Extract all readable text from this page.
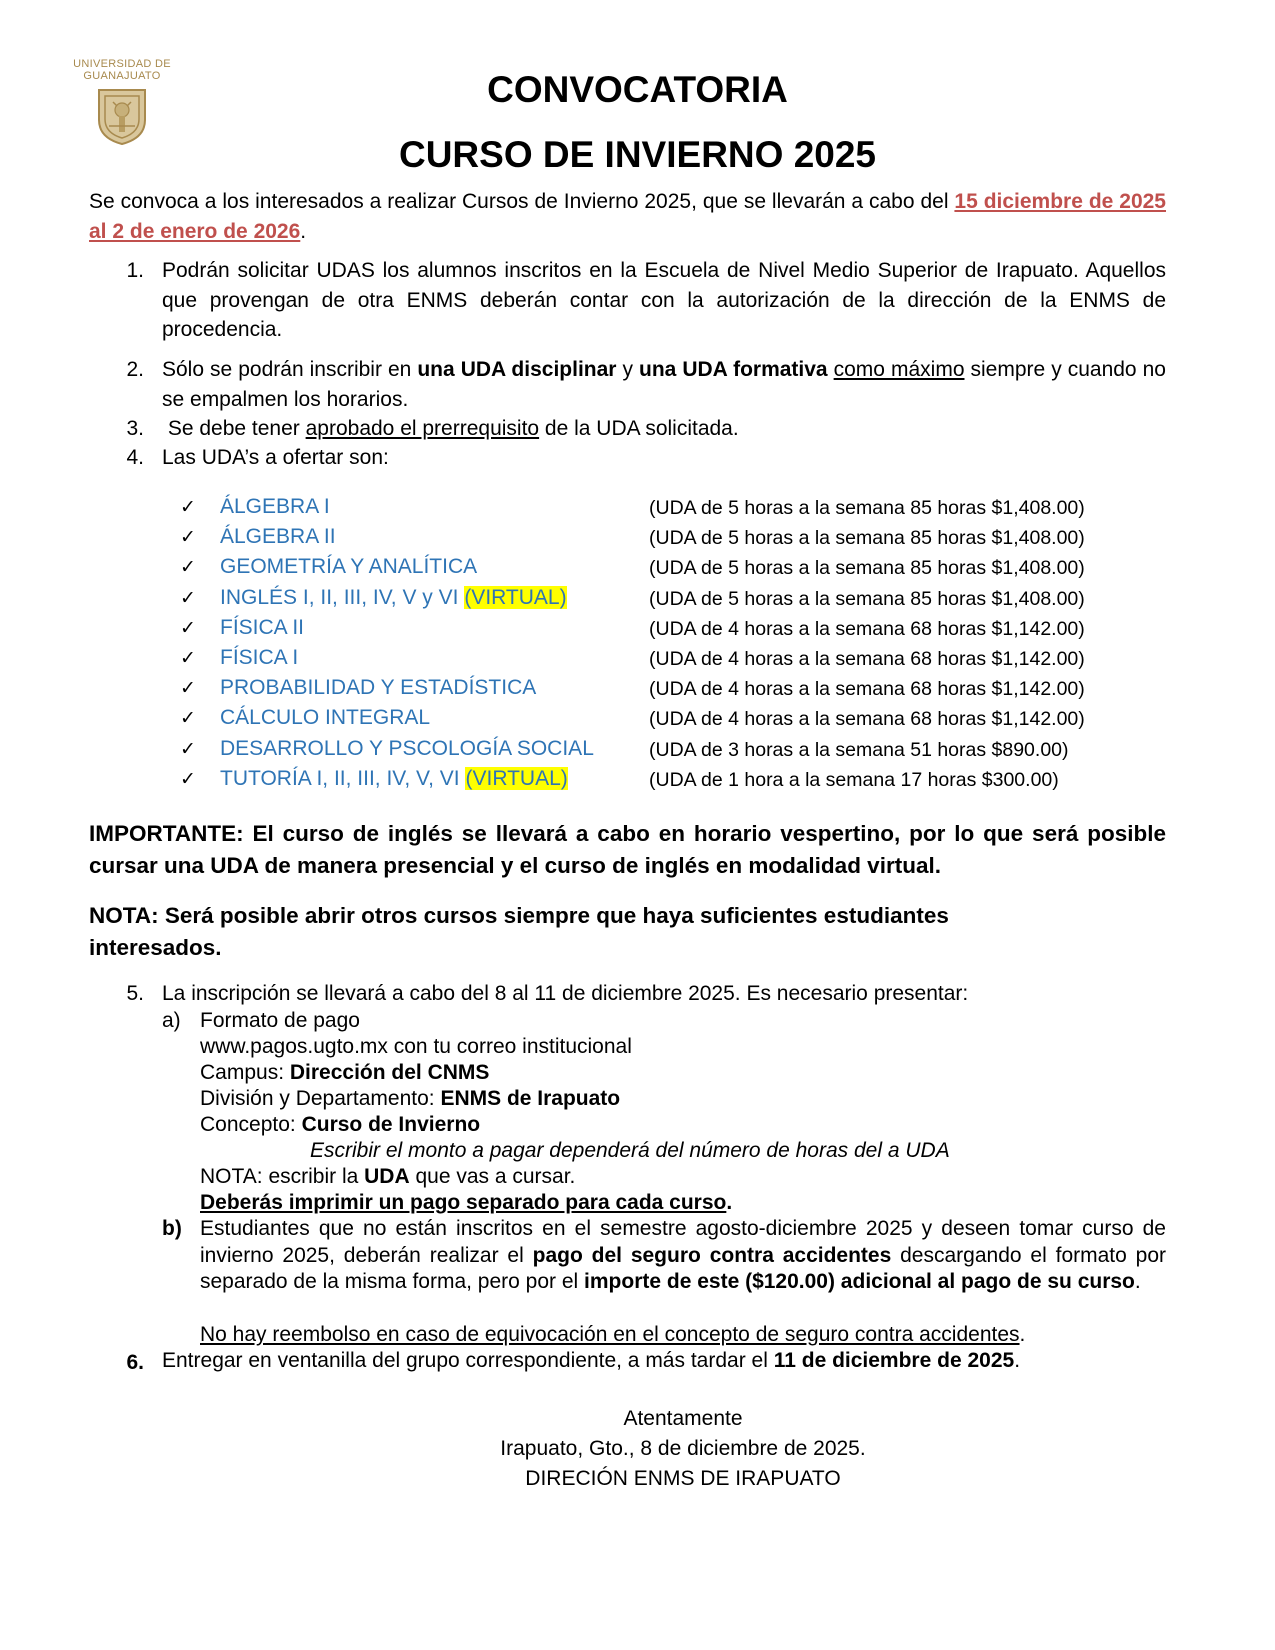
UNIVERSIDAD DE
GUANAJUATO	CONVOCATORIA
CURSO DE INVIERNO 2025
Se convoca a los interesados a realizar Cursos de Invierno 2025, que se llevarán a cabo del 15 diciembre de 2025 al 2 de enero de 2026.
1. Podrán solicitar UDAS los alumnos inscritos en la Escuela de Nivel Medio Superior de Irapuato. Aquellos que provengan de otra ENMS deberán contar con la autorización de la dirección de la ENMS de procedencia.
2. Sólo se podrán inscribir en una UDA disciplinar y una UDA formativa como máximo siempre y cuando no se empalmen los horarios.
3. Se debe tener aprobado el prerrequisito de la UDA solicitada.
4. Las UDA’s a ofertar son:
✓ ÁLGEBRA I	(UDA de 5 horas a la semana 85 horas $1,408.00)
✓ ÁLGEBRA II	(UDA de 5 horas a la semana 85 horas $1,408.00)
✓ GEOMETRÍA Y ANALÍTICA	(UDA de 5 horas a la semana 85 horas $1,408.00)
✓ INGLÉS I, II, III, IV, V y VI (VIRTUAL)	(UDA de 5 horas a la semana 85 horas $1,408.00)
✓ FÍSICA II	(UDA de 4 horas a la semana 68 horas $1,142.00)
✓ FÍSICA I	(UDA de 4 horas a la semana 68 horas $1,142.00)
✓ PROBABILIDAD Y ESTADÍSTICA	(UDA de 4 horas a la semana 68 horas $1,142.00)
✓ CÁLCULO INTEGRAL	(UDA de 4 horas a la semana 68 horas $1,142.00)
✓ DESARROLLO Y PSCOLOGÍA SOCIAL	(UDA de 3 horas a la semana 51 horas $890.00)
✓ TUTORÍA I, II, III, IV, V, VI (VIRTUAL)	(UDA de 1 hora a la semana 17 horas $300.00)
IMPORTANTE: El curso de inglés se llevará a cabo en horario vespertino, por lo que será posible cursar una UDA de manera presencial y el curso de inglés en modalidad virtual.
NOTA: Será posible abrir otros cursos siempre que haya suficientes estudiantes interesados.
5. La inscripción se llevará a cabo del 8 al 11 de diciembre 2025. Es necesario presentar:
a) Formato de pago
www.pagos.ugto.mx con tu correo institucional
Campus: Dirección del CNMS
División y Departamento: ENMS de Irapuato
Concepto: Curso de Invierno
Escribir el monto a pagar dependerá del número de horas del a UDA
NOTA: escribir la UDA que vas a cursar.
Deberás imprimir un pago separado para cada curso.
b) Estudiantes que no están inscritos en el semestre agosto-diciembre 2025 y deseen tomar curso de invierno 2025, deberán realizar el pago del seguro contra accidentes descargando el formato por separado de la misma forma, pero por el importe de este ($120.00) adicional al pago de su curso.
No hay reembolso en caso de equivocación en el concepto de seguro contra accidentes.
6. Entregar en ventanilla del grupo correspondiente, a más tardar el 11 de diciembre de 2025.
Atentamente
Irapuato, Gto., 8 de diciembre de 2025.
DIRECIÓN ENMS DE IRAPUATO
